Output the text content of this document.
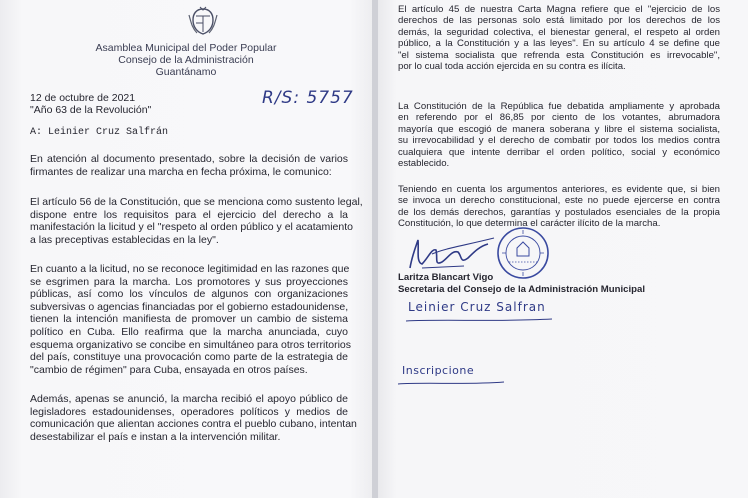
Asamblea Municipal del Poder Popular
Consejo de la Administración
Guantánamo
12 de octubre de 2021
"Año 63 de la Revolución"
R/S: 5757
A: Leinier Cruz Salfrán
En atención al documento presentado, sobre la decisión de varios
firmantes de realizar una marcha en fecha próxima, le comunico:
El artículo 56 de la Constitución, que se menciona como sustento legal,
dispone entre los requisitos para el ejercicio del derecho a la
manifestación la licitud y el "respeto al orden público y el acatamiento
a las preceptivas establecidas en la ley".
En cuanto a la licitud, no se reconoce legitimidad en las razones que
se esgrimen para la marcha. Los promotores y sus proyecciones
públicas, así como los vínculos de algunos con organizaciones
subversivas o agencias financiadas por el gobierno estadounidense,
tienen la intención manifiesta de promover un cambio de sistema
político en Cuba. Ello reafirma que la marcha anunciada, cuyo
esquema organizativo se concibe en simultáneo para otros territorios
del país, constituye una provocación como parte de la estrategia de
"cambio de régimen" para Cuba, ensayada en otros países.
Además, apenas se anunció, la marcha recibió el apoyo público de
legisladores estadounidenses, operadores políticos y medios de
comunicación que alientan acciones contra el pueblo cubano, intentan
desestabilizar el país e instan a la intervención militar.
El artículo 45 de nuestra Carta Magna refiere que el "ejercicio de los
derechos de las personas solo está limitado por los derechos de los
demás, la seguridad colectiva, el bienestar general, el respeto al orden
público, a la Constitución y a las leyes". En su artículo 4 se define que
"el sistema socialista que refrenda esta Constitución es irrevocable",
por lo cual toda acción ejercida en su contra es ilícita.
La Constitución de la República fue debatida ampliamente y aprobada
en referendo por el 86,85 por ciento de los votantes, abrumadora
mayoría que escogió de manera soberana y libre el sistema socialista,
su irrevocabilidad y el derecho de combatir por todos los medios contra
cualquiera que intente derribar el orden político, social y económico
establecido.
Teniendo en cuenta los argumentos anteriores, es evidente que, si bien
se invoca un derecho constitucional, este no puede ejercerse en contra
de los demás derechos, garantías y postulados esenciales de la propia
Constitución, lo que determina el carácter ilícito de la marcha.
Laritza Blancart Vigo
Secretaria del Consejo de la Administración Municipal
Leinier Cruz Salfran
Inscripcione
